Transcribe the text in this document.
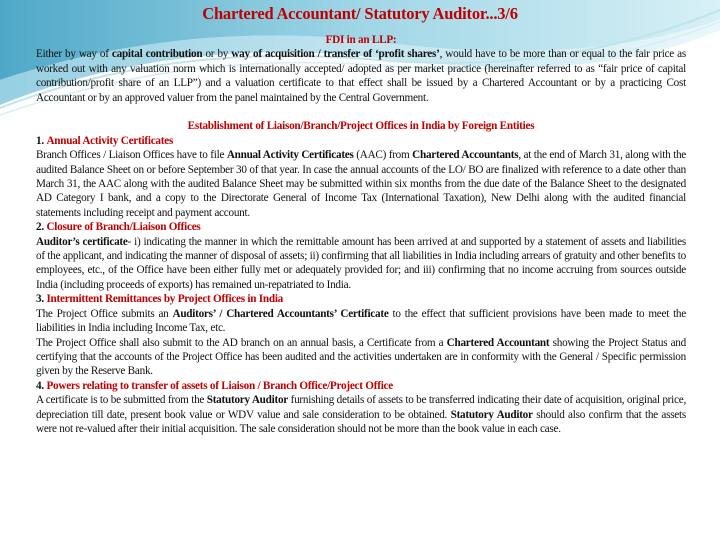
Chartered Accountant/ Statutory Auditor...3/6
FDI in an LLP:

Either by way of capital contribution or by way of acquisition / transfer of ‘profit shares’, would have to be more than or equal to the fair price as worked out with any valuation norm which is internationally accepted/ adopted as per market practice (hereinafter referred to as “fair price of capital contribution/profit share of an LLP”) and a valuation certificate to that effect shall be issued by a Chartered Accountant or by a practicing Cost Accountant or by an approved valuer from the panel maintained by the Central Government.

Establishment of Liaison/Branch/Project Offices in India by Foreign Entities
1. Annual Activity Certificates

Branch Offices / Liaison Offices have to file Annual Activity Certificates (AAC) from Chartered Accountants, at the end of March 31, along with the audited Balance Sheet on or before September 30 of that year. In case the annual accounts of the LO/ BO are finalized with reference to a date other than March 31, the AAC along with the audited Balance Sheet may be submitted within six months from the due date of the Balance Sheet to the designated AD Category I bank, and a copy to the Directorate General of Income Tax (International Taxation), New Delhi along with the audited financial statements including receipt and payment account.

2. Closure of Branch/Liaison Offices

Auditor’s certificate- i) indicating the manner in which the remittable amount has been arrived at and supported by a statement of assets and liabilities of the applicant, and indicating the manner of disposal of assets; ii) confirming that all liabilities in India including arrears of gratuity and other benefits to employees, etc., of the Office have been either fully met or adequately provided for; and iii) confirming that no income accruing from sources outside India (including proceeds of exports) has remained un-repatriated to India.

3. Intermittent Remittances by Project Offices in India

The Project Office submits an Auditors’ / Chartered Accountants’ Certificate to the effect that sufficient provisions have been made to meet the liabilities in India including Income Tax, etc.

The Project Office shall also submit to the AD branch on an annual basis, a Certificate from a Chartered Accountant showing the Project Status and certifying that the accounts of the Project Office has been audited and the activities undertaken are in conformity with the General / Specific permission given by the Reserve Bank.

4. Powers relating to transfer of assets of Liaison / Branch Office/Project Office

A certificate is to be submitted from the Statutory Auditor furnishing details of assets to be transferred indicating their date of acquisition, original price, depreciation till date, present book value or WDV value and sale consideration to be obtained. Statutory Auditor should also confirm that the assets were not re-valued after their initial acquisition. The sale consideration should not be more than the book value in each case.
